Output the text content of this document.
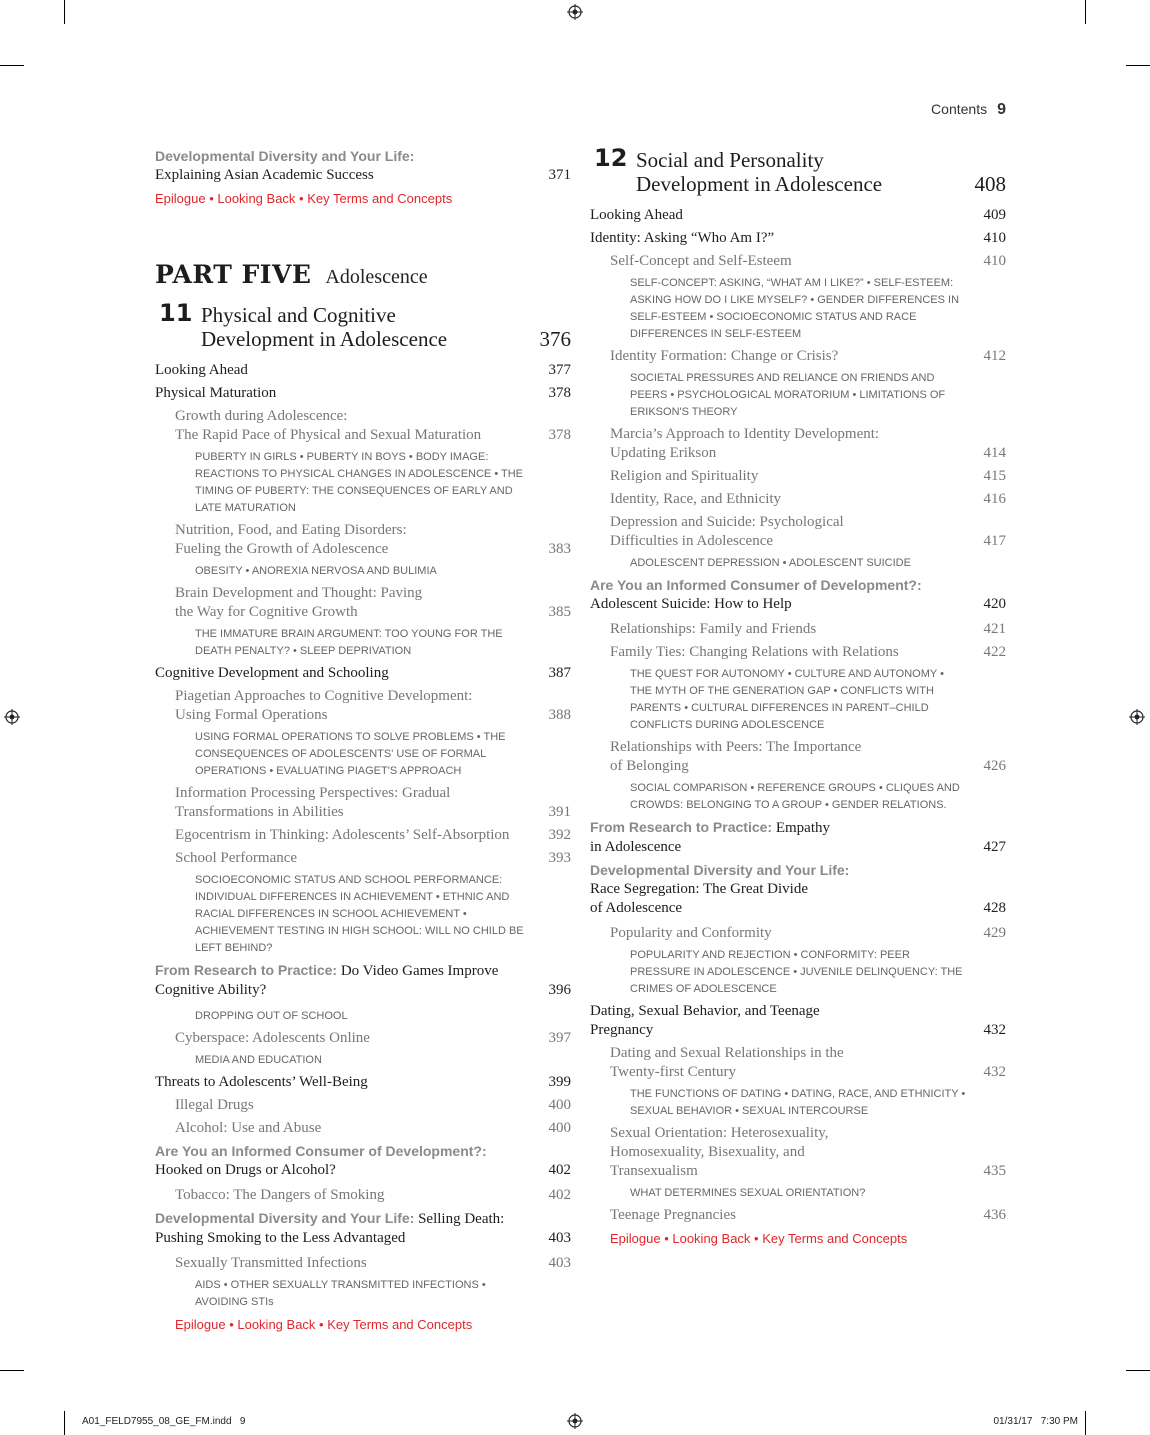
Contents 9
Developmental Diversity and Your Life:
Explaining Asian Academic Success	371
Epilogue • Looking Back • Key Terms and Concepts
PART FIVE Adolescence
11 Physical and Cognitive
Development in Adolescence	376
Looking Ahead	377
Physical Maturation	378
Growth during Adolescence:
The Rapid Pace of Physical and Sexual Maturation	378
PUBERTY IN GIRLS • PUBERTY IN BOYS • BODY IMAGE: REACTIONS TO PHYSICAL CHANGES IN ADOLESCENCE • THE TIMING OF PUBERTY: THE CONSEQUENCES OF EARLY AND LATE MATURATION
Nutrition, Food, and Eating Disorders:
Fueling the Growth of Adolescence	383
OBESITY • ANOREXIA NERVOSA AND BULIMIA
Brain Development and Thought: Paving
the Way for Cognitive Growth	385
THE IMMATURE BRAIN ARGUMENT: TOO YOUNG FOR THE DEATH PENALTY? • SLEEP DEPRIVATION
Cognitive Development and Schooling	387
Piagetian Approaches to Cognitive Development:
Using Formal Operations	388
USING FORMAL OPERATIONS TO SOLVE PROBLEMS • THE CONSEQUENCES OF ADOLESCENTS' USE OF FORMAL OPERATIONS • EVALUATING PIAGET'S APPROACH
Information Processing Perspectives: Gradual
Transformations in Abilities	391
Egocentrism in Thinking: Adolescents’ Self-Absorption	392
School Performance	393
SOCIOECONOMIC STATUS AND SCHOOL PERFORMANCE: INDIVIDUAL DIFFERENCES IN ACHIEVEMENT • ETHNIC AND RACIAL DIFFERENCES IN SCHOOL ACHIEVEMENT • ACHIEVEMENT TESTING IN HIGH SCHOOL: WILL NO CHILD BE LEFT BEHIND?
From Research to Practice: Do Video Games Improve
Cognitive Ability?	396
DROPPING OUT OF SCHOOL
Cyberspace: Adolescents Online	397
MEDIA AND EDUCATION
Threats to Adolescents’ Well-Being	399
Illegal Drugs	400
Alcohol: Use and Abuse	400
Are You an Informed Consumer of Development?:
Hooked on Drugs or Alcohol?	402
Tobacco: The Dangers of Smoking	402
Developmental Diversity and Your Life: Selling Death:
Pushing Smoking to the Less Advantaged	403
Sexually Transmitted Infections	403
AIDS • OTHER SEXUALLY TRANSMITTED INFECTIONS • AVOIDING STIs
Epilogue • Looking Back • Key Terms and Concepts
12 Social and Personality
Development in Adolescence	408
Looking Ahead	409
Identity: Asking “Who Am I?”	410
Self-Concept and Self-Esteem	410
SELF-CONCEPT: ASKING, “WHAT AM I LIKE?” • SELF-ESTEEM: ASKING HOW DO I LIKE MYSELF? • GENDER DIFFERENCES IN SELF-ESTEEM • SOCIOECONOMIC STATUS AND RACE DIFFERENCES IN SELF-ESTEEM
Identity Formation: Change or Crisis?	412
SOCIETAL PRESSURES AND RELIANCE ON FRIENDS AND PEERS • PSYCHOLOGICAL MORATORIUM • LIMITATIONS OF ERIKSON'S THEORY
Marcia’s Approach to Identity Development:
Updating Erikson	414
Religion and Spirituality	415
Identity, Race, and Ethnicity	416
Depression and Suicide: Psychological
Difficulties in Adolescence	417
ADOLESCENT DEPRESSION • ADOLESCENT SUICIDE
Are You an Informed Consumer of Development?:
Adolescent Suicide: How to Help	420
Relationships: Family and Friends	421
Family Ties: Changing Relations with Relations	422
THE QUEST FOR AUTONOMY • CULTURE AND AUTONOMY • THE MYTH OF THE GENERATION GAP • CONFLICTS WITH PARENTS • CULTURAL DIFFERENCES IN PARENT–CHILD CONFLICTS DURING ADOLESCENCE
Relationships with Peers: The Importance
of Belonging	426
SOCIAL COMPARISON • REFERENCE GROUPS • CLIQUES AND CROWDS: BELONGING TO A GROUP • GENDER RELATIONS.
From Research to Practice: Empathy
in Adolescence	427
Developmental Diversity and Your Life:
Race Segregation: The Great Divide
of Adolescence	428
Popularity and Conformity	429
POPULARITY AND REJECTION • CONFORMITY: PEER PRESSURE IN ADOLESCENCE • JUVENILE DELINQUENCY: THE CRIMES OF ADOLESCENCE
Dating, Sexual Behavior, and Teenage
Pregnancy	432
Dating and Sexual Relationships in the
Twenty-first Century	432
THE FUNCTIONS OF DATING • DATING, RACE, AND ETHNICITY • SEXUAL BEHAVIOR • SEXUAL INTERCOURSE
Sexual Orientation: Heterosexuality,
Homosexuality, Bisexuality, and
Transexualism	435
WHAT DETERMINES SEXUAL ORIENTATION?
Teenage Pregnancies	436
Epilogue • Looking Back • Key Terms and Concepts
A01_FELD7955_08_GE_FM.indd   9	01/31/17   7:30 PM
